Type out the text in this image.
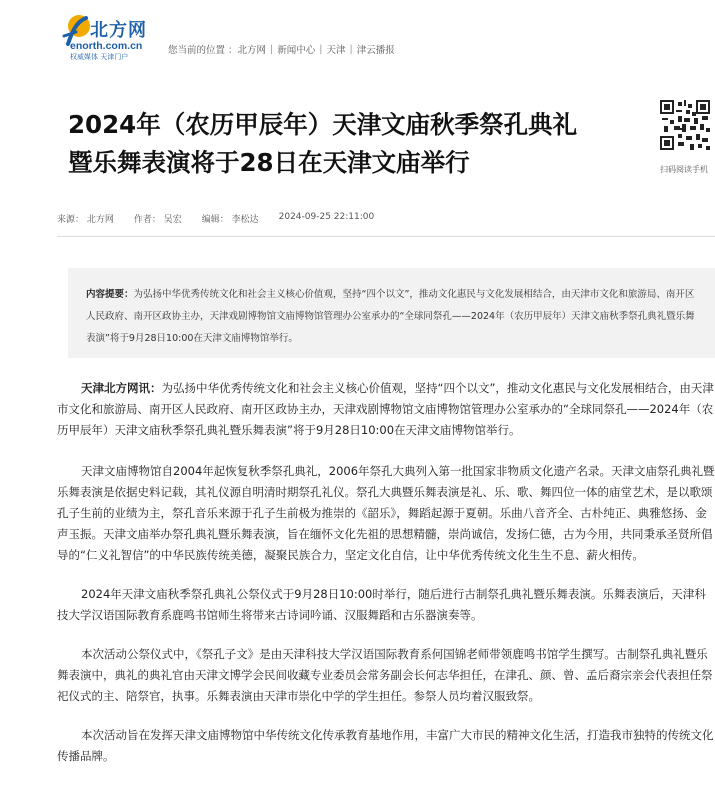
北方网
enorth.com.cn
权威媒体 天津门户
您当前的位置 ： 北方网 | 新闻中心 | 天津 | 津云播报
2024年（农历甲辰年）天津文庙秋季祭孔典礼
暨乐舞表演将于28日在天津文庙举行	扫码阅读手机
来源： 北方网 作者： 吴宏 编辑： 李松达 2024-09-25 22:11:00
内容提要：为弘扬中华优秀传统文化和社会主义核心价值观，坚持“四个以文”，推动文化惠民与文化发展相结合，由天津市文化和旅游局、南开区人民政府、南开区政协主办，天津戏剧博物馆文庙博物馆管理办公室承办的“全球同祭孔——2024年（农历甲辰年）天津文庙秋季祭孔典礼暨乐舞表演”将于9月28日10:00在天津文庙博物馆举行。

天津北方网讯：为弘扬中华优秀传统文化和社会主义核心价值观，坚持“四个以文”，推动文化惠民与文化发展相结合，由天津市文化和旅游局、南开区人民政府、南开区政协主办，天津戏剧博物馆文庙博物馆管理办公室承办的“全球同祭孔——2024年（农历甲辰年）天津文庙秋季祭孔典礼暨乐舞表演”将于9月28日10:00在天津文庙博物馆举行。

天津文庙博物馆自2004年起恢复秋季祭孔典礼，2006年祭孔大典列入第一批国家非物质文化遗产名录。天津文庙祭孔典礼暨乐舞表演是依据史料记载，其礼仪源自明清时期祭孔礼仪。祭孔大典暨乐舞表演是礼、乐、歌、舞四位一体的庙堂艺术，是以歌颂孔子生前的业绩为主，祭孔音乐来源于孔子生前极为推崇的《韶乐》，舞蹈起源于夏朝。乐曲八音齐全、古朴纯正、典雅悠扬、金声玉振。天津文庙举办祭孔典礼暨乐舞表演，旨在缅怀文化先祖的思想精髓，崇尚诚信，发扬仁德，古为今用，共同秉承圣贤所倡导的“仁义礼智信”的中华民族传统美德，凝聚民族合力，坚定文化自信，让中华优秀传统文化生生不息、薪火相传。

2024年天津文庙秋季祭孔典礼公祭仪式于9月28日10:00时举行，随后进行古制祭孔典礼暨乐舞表演。乐舞表演后，天津科技大学汉语国际教育系鹿鸣书馆师生将带来古诗词吟诵、汉服舞蹈和古乐器演奏等。

本次活动公祭仪式中，《祭孔子文》是由天津科技大学汉语国际教育系何国锦老师带领鹿鸣书馆学生撰写。古制祭孔典礼暨乐舞表演中，典礼的典礼官由天津文博学会民间收藏专业委员会常务副会长何志华担任，在津孔、颜、曾、孟后裔宗亲会代表担任祭祀仪式的主、陪祭官，执事。乐舞表演由天津市崇化中学的学生担任。参祭人员均着汉服致祭。

本次活动旨在发挥天津文庙博物馆中华传统文化传承教育基地作用，丰富广大市民的精神文化生活，打造我市独特的传统文化传播品牌。
